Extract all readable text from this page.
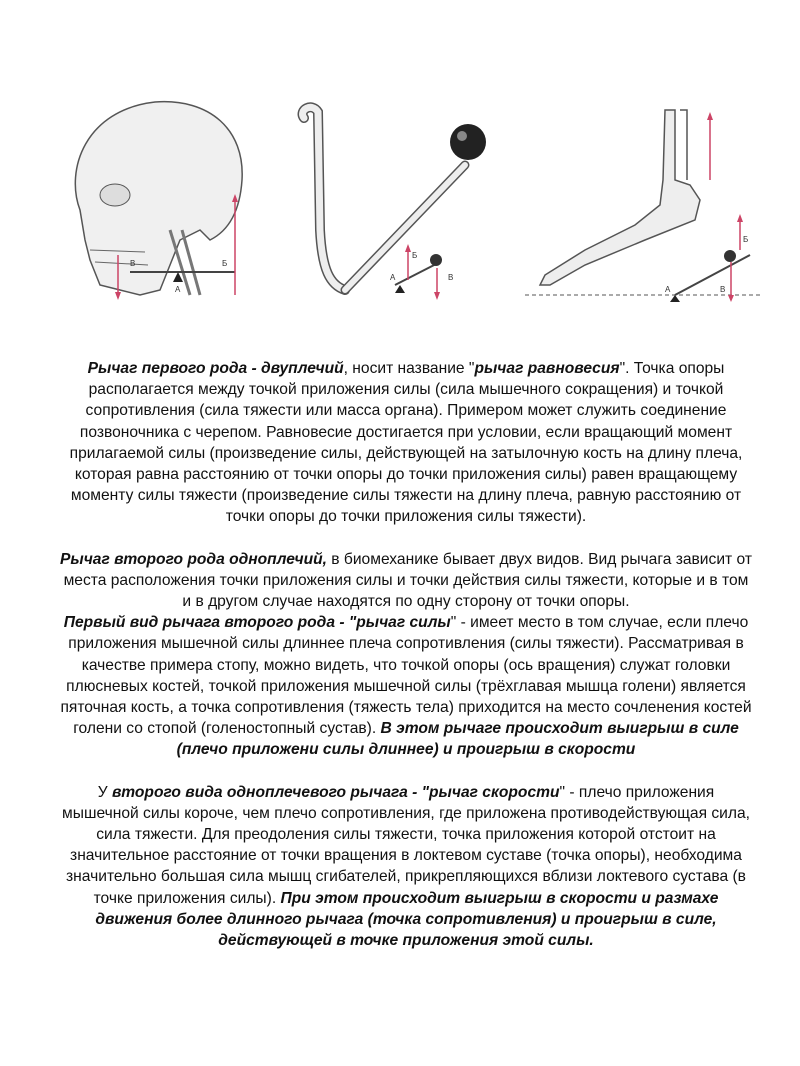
В	Б
А
Б
А	В
Б
А	В

Рычаг первого рода - двуплечий, носит название "рычаг равновесия". Точка опоры располагается между точкой приложения силы (сила мышечного сокращения) и точкой сопротивления (сила тяжести или масса органа). Примером может служить соединение позвоночника с черепом. Равновесие достигается при условии, если вращающий момент прилагаемой силы (произведение силы, действующей на затылочную кость на длину плеча, которая равна расстоянию от точки опоры до точки приложения силы) равен вращающему моменту силы тяжести (произведение силы тяжести на длину плеча, равную расстоянию от точки опоры до точки приложения силы тяжести).

Рычаг второго рода одноплечий, в биомеханике бывает двух видов. Вид рычага зависит от места расположения точки приложения силы и точки действия силы тяжести, которые и в том и в другом случае находятся по одну сторону от точки опоры.

Первый вид рычага второго рода - "рычаг силы" - имеет место в том случае, если плечо приложения мышечной силы длиннее плеча сопротивления (силы тяжести). Рассматривая в качестве примера стопу, можно видеть, что точкой опоры (ось вращения) служат головки плюсневых костей, точкой приложения мышечной силы (трёхглавая мышца голени) является пяточная кость, а точка сопротивления (тяжесть тела) приходится на место сочленения костей голени со стопой (голеностопный сустав). В этом рычаге происходит выигрыш в силе (плечо приложени силы длиннее) и проигрыш в скорости

У второго вида одноплечевого рычага - "рычаг скорости" - плечо приложения мышечной силы короче, чем плечо сопротивления, где приложена противодействующая сила, сила тяжести. Для преодоления силы тяжести, точка приложения которой отстоит на значительное расстояние от точки вращения в локтевом суставе (точка опоры), необходима значительно большая сила мышц сгибателей, прикрепляющихся вблизи локтевого сустава (в точке приложения силы). При этом происходит выигрыш в скорости и размахе движения более длинного рычага (точка сопротивления) и проигрыш в силе, действующей в точке приложения этой силы.
